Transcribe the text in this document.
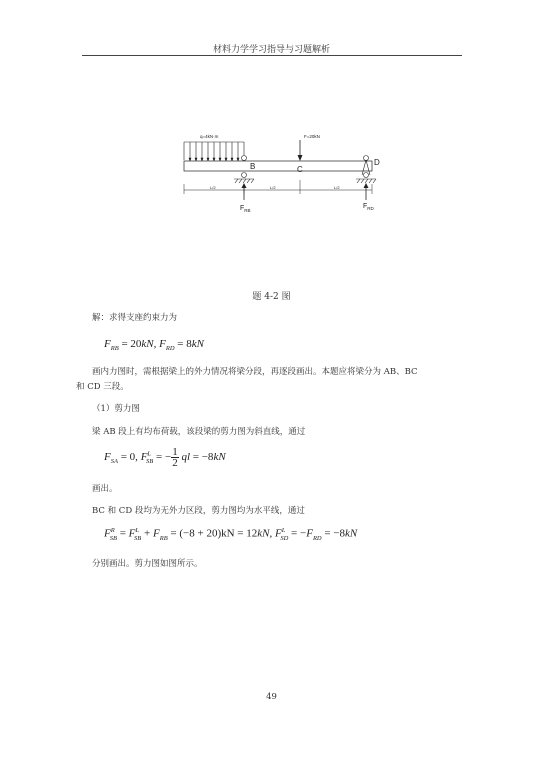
材料力学学习指导与习题解析
q=4kN·m	F=20kN
B	C
D
L/2	L/2	L/2
$F_{RB}$
$F_{RD}$
题 4-2 图
解：求得支座约束力为
$F_{RB} = 20kN$, $F_{RD} = 8kN$
画内力图时，需根据梁上的外力情况将梁分段，再逐段画出。本题应将梁分为 AB、BC
和 CD 三段。
（1）剪力图
梁 AB 段上有均布荷载，该段梁的剪力图为斜直线，通过
$F_{SA} = 0$, $F^L_{SB}$ = − $\frac{1}{2}$ ql = −8kN
画出。
BC 和 CD 段均为无外力区段，剪力图均为水平线，通过
$F^R_{SB} = F^L_{SB} + F_{RB} = (-8 + 20)kN = 12kN$, $F^L_{SD} = -F_{RD} = -8kN$
分别画出。剪力图如图所示。
49
